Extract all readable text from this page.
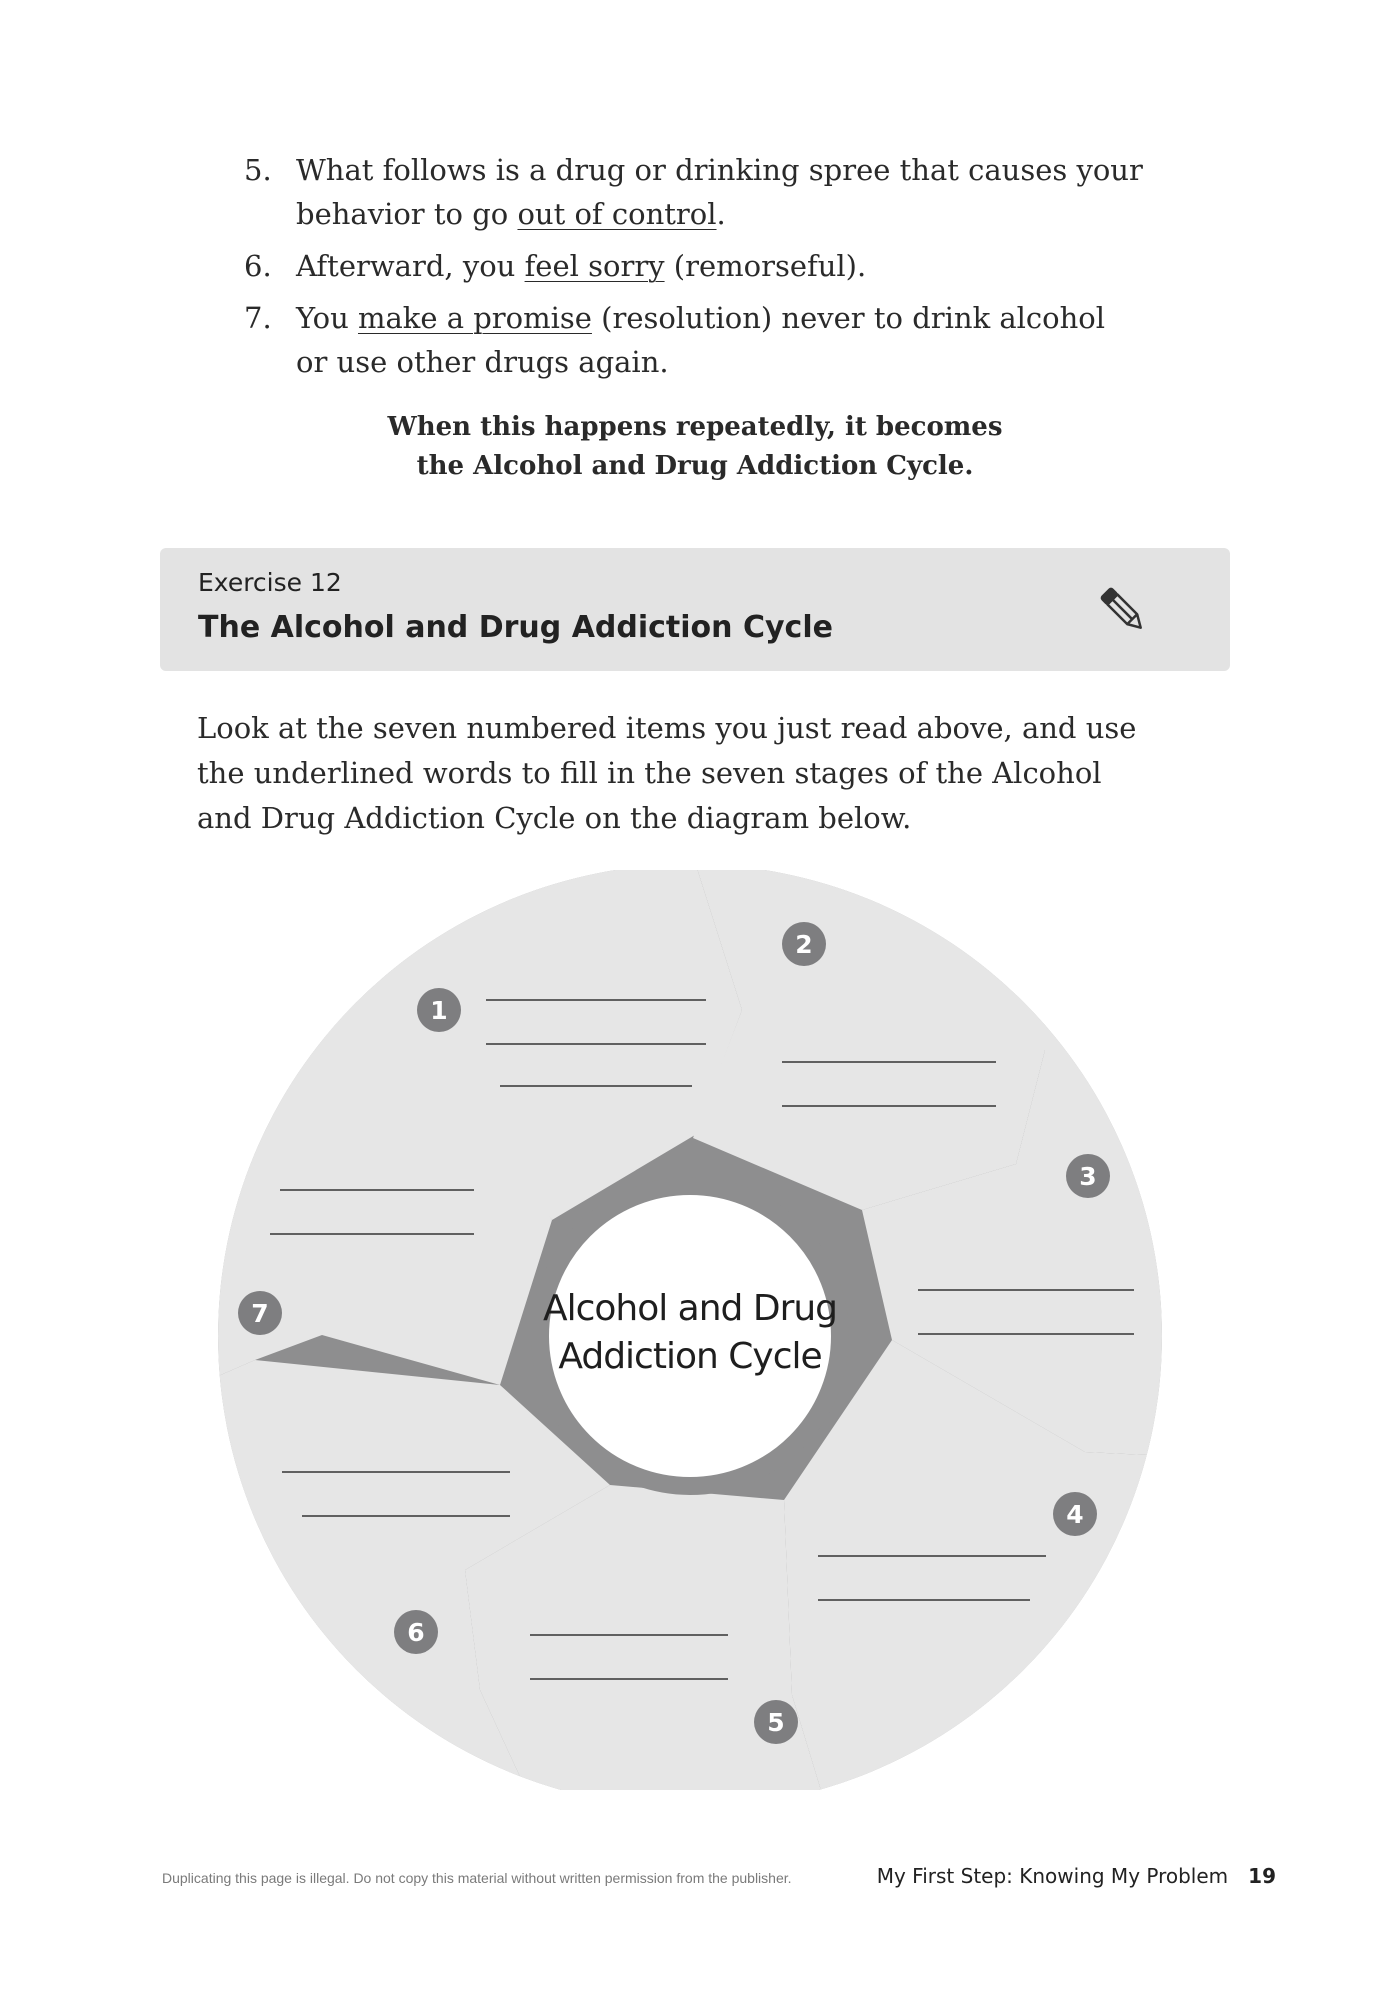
5. What follows is a drug or drinking spree that causes your behavior to go out of control.
6. Afterward, you feel sorry (remorseful).
7. You make a promise (resolution) never to drink alcohol or use other drugs again.
When this happens repeatedly, it becomes
the Alcohol and Drug Addiction Cycle.
Exercise 12
The Alcohol and Drug Addiction Cycle
Look at the seven numbered items you just read above, and use the underlined words to fill in the seven stages of the Alcohol and Drug Addiction Cycle on the diagram below.
Alcohol and Drug
Addiction Cycle
1
2
3
4
5
6
7
Duplicating this page is illegal. Do not copy this material without written permission from the publisher.	My First Step: Knowing My Problem 19
